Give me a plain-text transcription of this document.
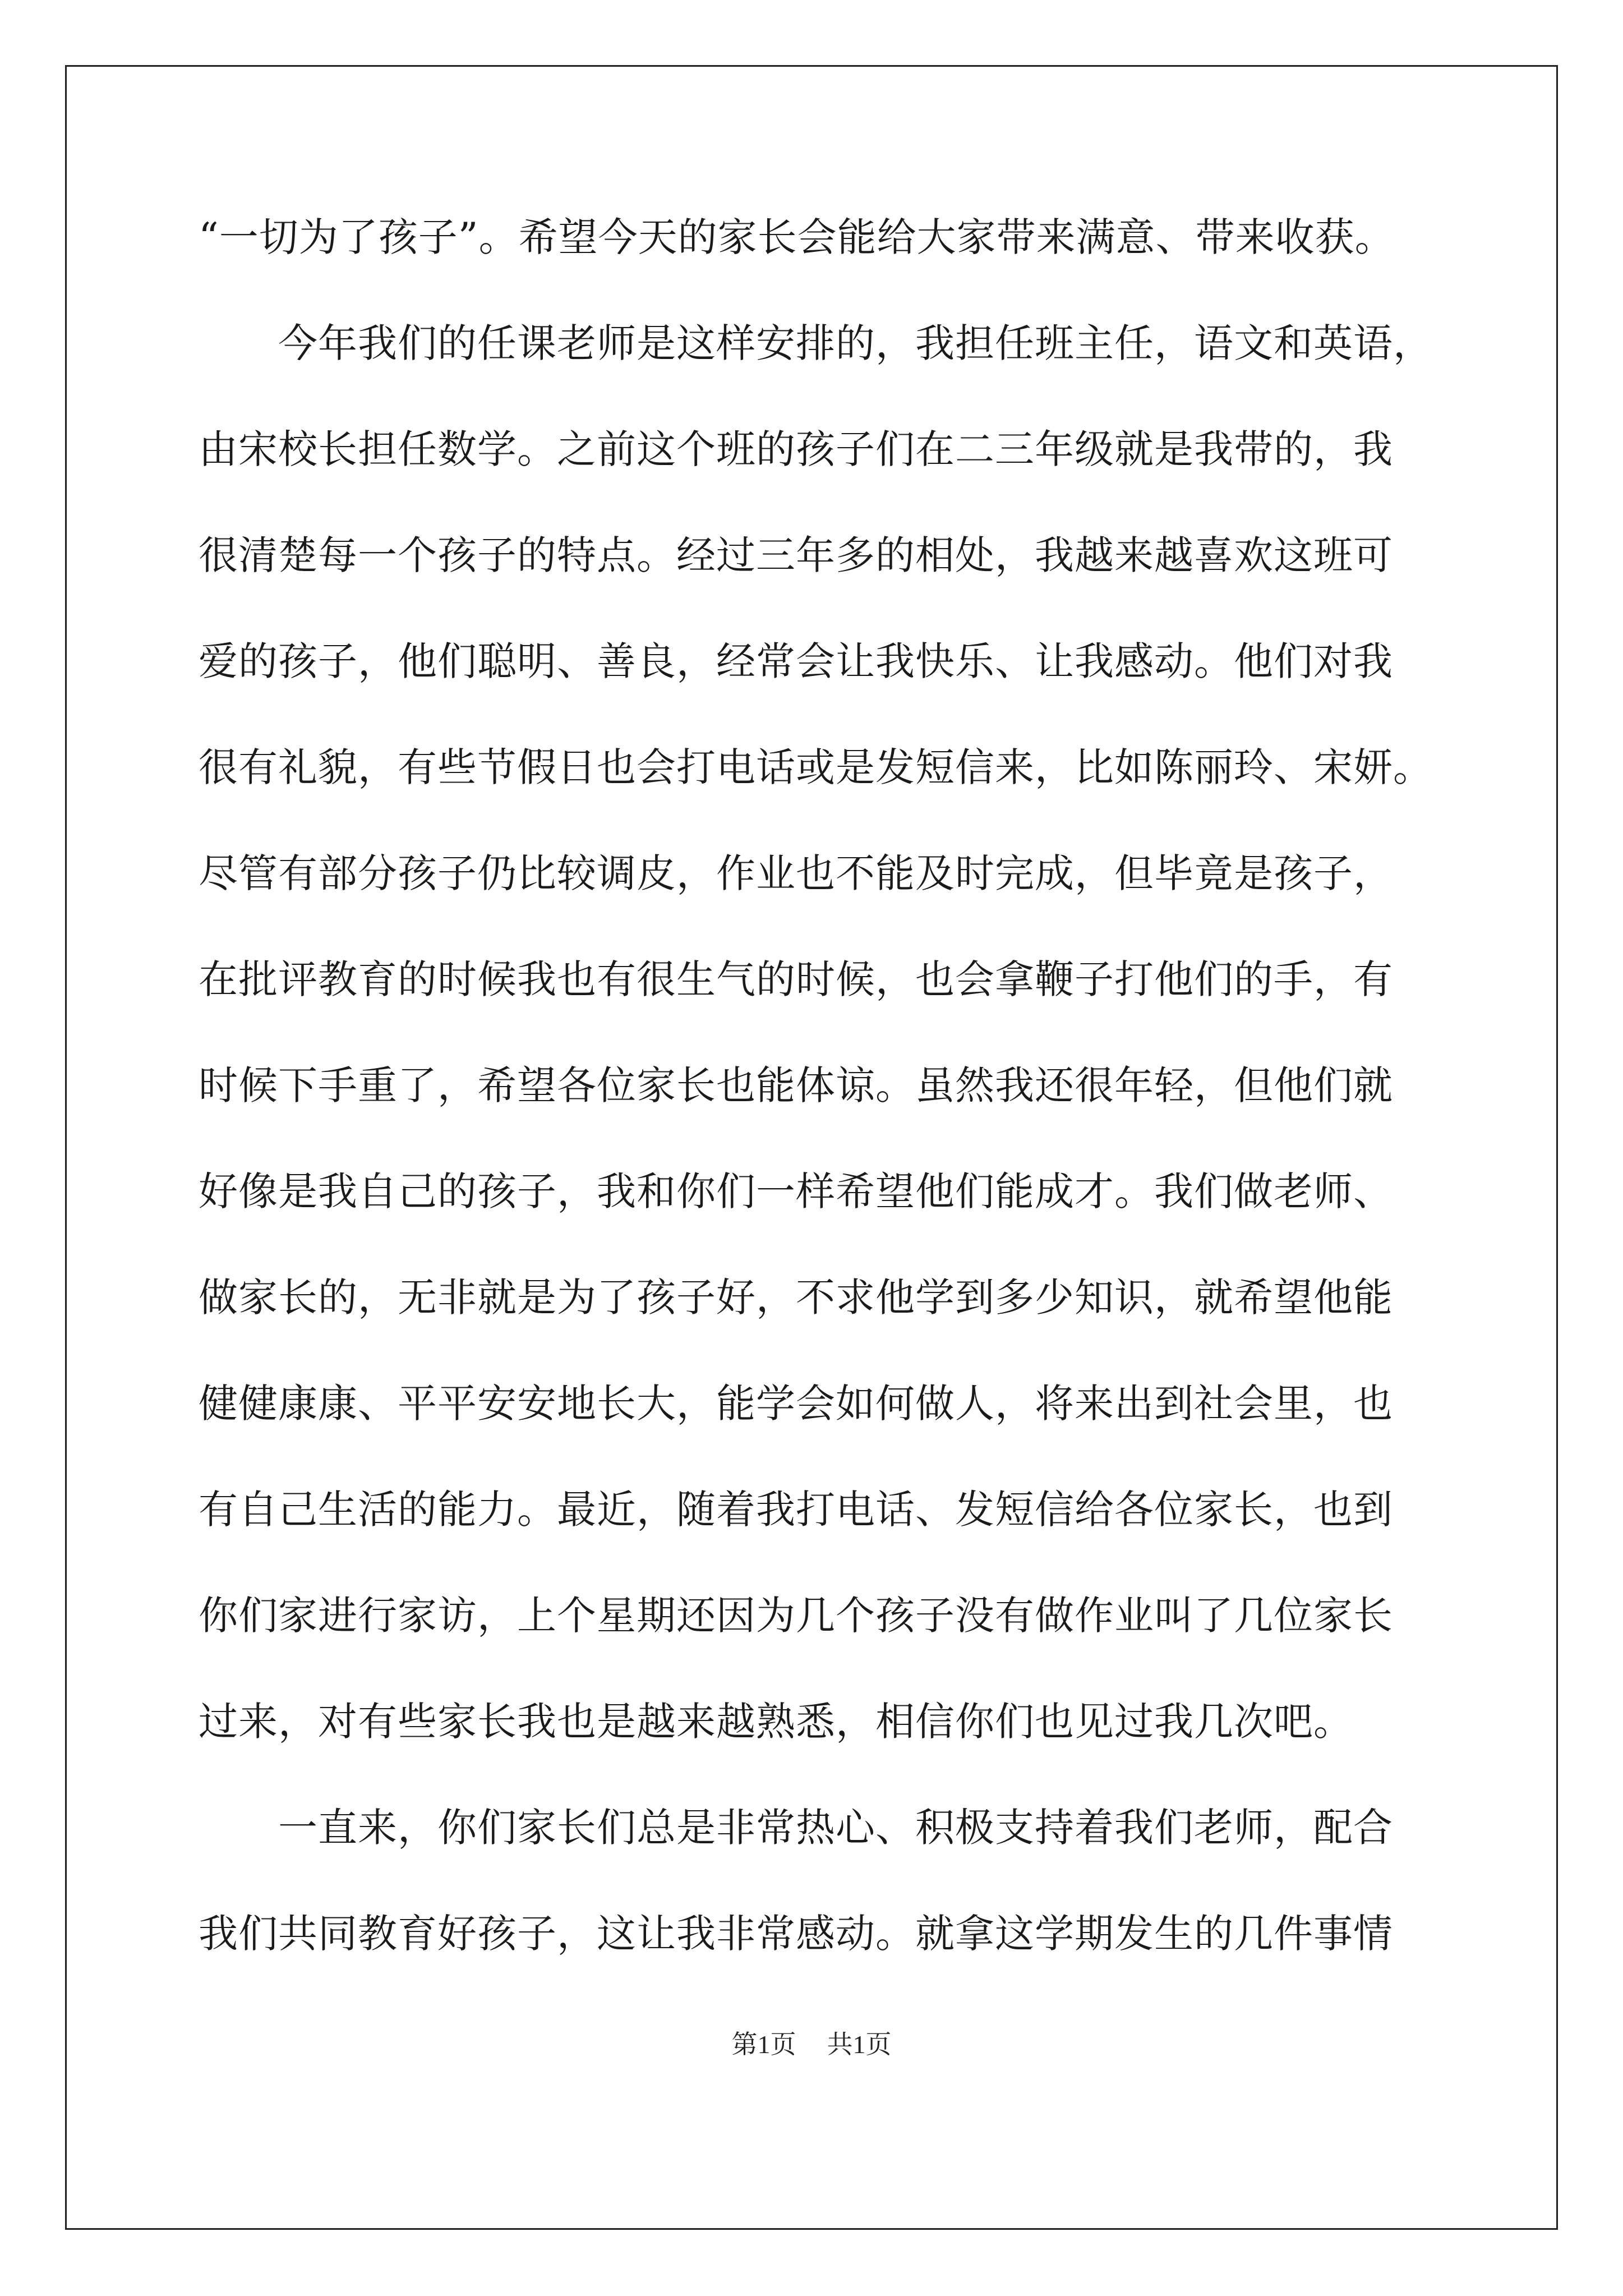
“一切为了孩子”。希望今天的家长会能给大家带来满意、带来收获。
　　今年我们的任课老师是这样安排的，我担任班主任，语文和英语，
由宋校长担任数学。之前这个班的孩子们在二三年级就是我带的，我
很清楚每一个孩子的特点。经过三年多的相处，我越来越喜欢这班可
爱的孩子，他们聪明、善良，经常会让我快乐、让我感动。他们对我
很有礼貌，有些节假日也会打电话或是发短信来，比如陈丽玲、宋妍。
尽管有部分孩子仍比较调皮，作业也不能及时完成，但毕竟是孩子，
在批评教育的时候我也有很生气的时候，也会拿鞭子打他们的手，有
时候下手重了，希望各位家长也能体谅。虽然我还很年轻，但他们就
好像是我自己的孩子，我和你们一样希望他们能成才。我们做老师、
做家长的，无非就是为了孩子好，不求他学到多少知识，就希望他能
健健康康、平平安安地长大，能学会如何做人，将来出到社会里，也
有自己生活的能力。最近，随着我打电话、发短信给各位家长，也到
你们家进行家访，上个星期还因为几个孩子没有做作业叫了几位家长
过来，对有些家长我也是越来越熟悉，相信你们也见过我几次吧。
　　一直来，你们家长们总是非常热心、积极支持着我们老师，配合
我们共同教育好孩子，这让我非常感动。就拿这学期发生的几件事情
第1页 共1页
